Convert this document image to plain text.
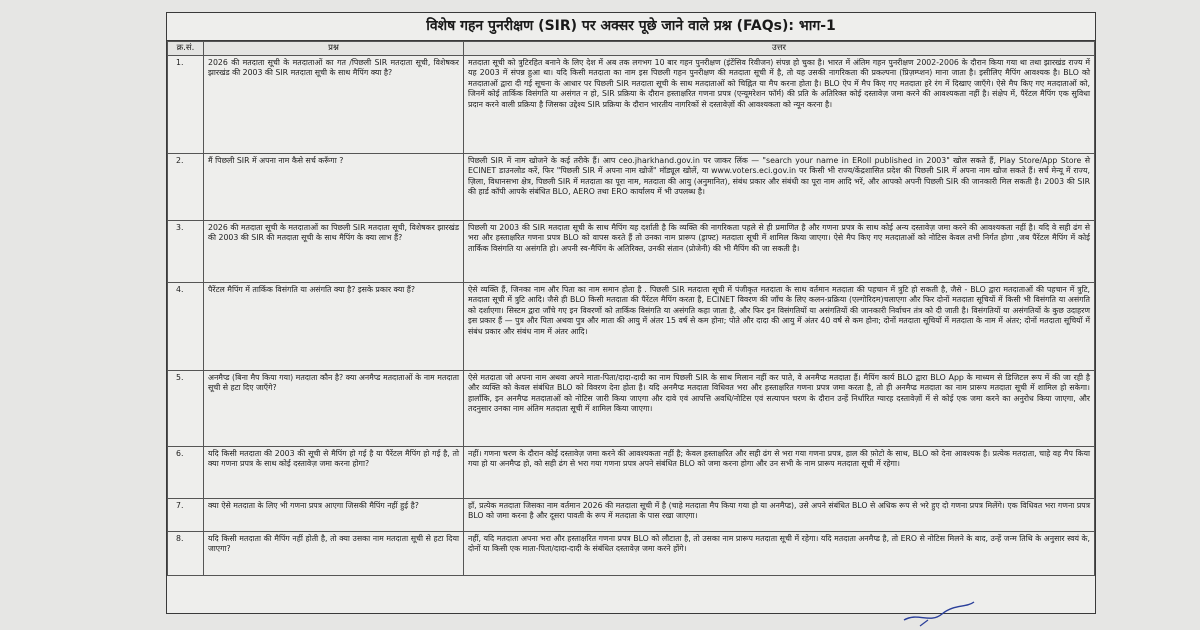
विशेष गहन पुनरीक्षण (SIR) पर अक्सर पूछे जाने वाले प्रश्न (FAQs): भाग-1
क्र.सं.	प्रश्न	उत्तर
1.	2026 की मतदाता सूची के मतदाताओं का गत /पिछली SIR मतदाता सूची, विशेषकर झारखंड की 2003 की SIR मतदाता सूची के साथ मैपिंग क्या है?	मतदाता सूची को त्रुटिरहित बनाने के लिए देश में अब तक लगभग 10 बार गहन पुनरीक्षण (इंटेंसिव रिवीजन) संपन्न हो चुका है। भारत में अंतिम गहन पुनरीक्षण 2002-2006 के दौरान किया गया था तथा झारखंड राज्य में यह 2003 में संपन्न हुआ था। यदि किसी मतदाता का नाम इस पिछली गहन पुनरीक्षण की मतदाता सूची में है, तो यह उसकी नागरिकता की प्रकल्पना (प्रिज़म्प्शन) माना जाता है। इसीलिए मैपिंग आवश्यक है। BLO को मतदाताओं द्वारा दी गई सूचना के आधार पर पिछली SIR मतदाता सूची के साथ मतदाताओं को चिह्नित या मैप करना होता है। BLO ऐप में मैप किए गए मतदाता हरे रंग में दिखाए जाएँगे। ऐसे मैप किए गए मतदाताओं को, जिनमें कोई तार्किक विसंगति या असंगत न हो, SIR प्रक्रिया के दौरान हस्ताक्षरित गणना प्रपत्र (एन्यूमरेशन फॉर्म) की प्रति के अतिरिक्त कोई दस्तावेज़ जमा करने की आवश्यकता नहीं है। संक्षेप में, पैरेंटल मैपिंग एक सुविधा प्रदान करने वाली प्रक्रिया है जिसका उद्देश्य SIR प्रक्रिया के दौरान भारतीय नागरिकों से दस्तावेज़ों की आवश्यकता को न्यून करना है।
2.	मैं पिछली SIR में अपना नाम कैसे सर्च करूँगा ?	पिछली SIR में नाम खोजने के कई तरीके हैं। आप ceo.jharkhand.gov.in पर जाकर लिंक — "search your name in ERoll published in 2003" खोल सकते हैं, Play Store/App Store से ECINET डाउनलोड करें, फिर "पिछली SIR में अपना नाम खोजें" मॉड्यूल खोलें, या www.voters.eci.gov.in पर किसी भी राज्य/केंद्रशासित प्रदेश की पिछली SIR में अपना नाम खोज सकते हैं। सर्च मेन्यू में राज्य, ज़िला, विधानसभा क्षेत्र, पिछली SIR में मतदाता का पूरा नाम, मतदाता की आयु (अनुमानित), संबंध प्रकार और संबंधी का पूरा नाम आदि भरें, और आपको अपनी पिछली SIR की जानकारी मिल सकती है। 2003 की SIR की हार्ड कॉपी आपके संबंधित BLO, AERO तथा ERO कार्यालय में भी उपलब्ध है।
3.	2026 की मतदाता सूची के मतदाताओं का पिछली SIR मतदाता सूची, विशेषकर झारखंड की 2003 की SIR की मतदाता सूची के साथ मैपिंग के क्या लाभ हैं?	पिछली या 2003 की SIR मतदाता सूची के साथ मैपिंग यह दर्शाती है कि व्यक्ति की नागरिकता पहले से ही प्रमाणित है और गणना प्रपत्र के साथ कोई अन्य दस्तावेज़ जमा करने की आवश्यकता नहीं है। यदि वे सही ढंग से भरा और हस्ताक्षरित गणना प्रपत्र BLO को वापस करते हैं तो उनका नाम प्रारूप (ड्राफ्ट) मतदाता सूची में शामिल किया जाएगा। ऐसे मैप किए गए मतदाताओं को नोटिस केवल तभी निर्गत होगा ,जब पैरेंटल मैपिंग में कोई तार्किक विसंगति या असंगति हो। अपनी स्व-मैपिंग के अतिरिक्त, उनकी संतान (प्रोजेनी) की भी मैपिंग की जा सकती है।
4.	पैरेंटल मैपिंग में तार्किक विसंगति या असंगति क्या है? इसके प्रकार क्या हैं?	ऐसे व्यक्ति हैं, जिनका नाम और पिता का नाम समान होता है . पिछली SIR मतदाता सूची में पंजीकृत मतदाता के साथ वर्तमान मतदाता की पहचान में त्रुटि हो सकती है, जैसे - BLO द्वारा मतदाताओं की पहचान में त्रुटि, मतदाता सूची में त्रुटि आदि। जैसे ही BLO किसी मतदाता की पैरेंटल मैपिंग करता है, ECINET विवरण की जाँच के लिए कलन-प्रक्रिया (एल्गोरिदम)चलाएगा और फिर दोनों मतदाता सूचियों में किसी भी विसंगति या असंगति को दर्शाएगा। सिस्टम द्वारा जाँचे गए इन विवरणों को तार्किक विसंगति या असंगति कहा जाता है, और फिर इन विसंगतियों या असंगतियों की जानकारी निर्वाचन तंत्र को दी जाती है। विसंगतियों या असंगतियों के कुछ उदाहरण इस प्रकार हैं — पुत्र और पिता अथवा पुत्र और माता की आयु में अंतर 15 वर्ष से कम होना; पोते और दादा की आयु में अंतर 40 वर्ष से कम होना; दोनों मतदाता सूचियों में मतदाता के नाम में अंतर; दोनों मतदाता सूचियों में संबंध प्रकार और संबंध नाम में अंतर आदि।
5.	अनमैप्ड (बिना मैप किया गया) मतदाता कौन है? क्या अनमैप्ड मतदाताओं के नाम मतदाता सूची से हटा दिए जाएँगे?	ऐसे मतदाता जो अपना नाम अथवा अपने माता-पिता/दादा-दादी का नाम पिछली SIR के साथ मिलान नहीं कर पाते, वे अनमैप्ड मतदाता हैं। मैपिंग कार्य BLO द्वारा BLO App के माध्यम से डिजिटल रूप में की जा रही है और व्यक्ति को केवल संबंधित BLO को विवरण देना होता है। यदि अनमैप्ड मतदाता विधिवत भरा और हस्ताक्षरित गणना प्रपत्र जमा करता है, तो ही अनमैप्ड मतदाता का नाम प्रारूप मतदाता सूची में शामिल हो सकेगा। हालाँकि, इन अनमैप्ड मतदाताओं को नोटिस जारी किया जाएगा और दावे एवं आपत्ति अवधि/नोटिस एवं सत्यापन चरण के दौरान उन्हें निर्धारित ग्यारह दस्तावेज़ों में से कोई एक जमा करने का अनुरोध किया जाएगा, और तदनुसार उनका नाम अंतिम मतदाता सूची में शामिल किया जाएगा।
6.	यदि किसी मतदाता की 2003 की सूची से मैपिंग हो गई है या पैरेंटल मैपिंग हो गई है, तो क्या गणना प्रपत्र के साथ कोई दस्तावेज़ जमा करना होगा?	नहीं। गणना चरण के दौरान कोई दस्तावेज़ जमा करने की आवश्यकता नहीं है; केवल हस्ताक्षरित और सही ढंग से भरा गया गणना प्रपत्र, हाल की फ़ोटो के साथ, BLO को देना आवश्यक है। प्रत्येक मतदाता, चाहे वह मैप किया गया हो या अनमैप्ड हो, को सही ढंग से भरा गया गणना प्रपत्र अपने संबंधित BLO को जमा करना होगा और उन सभी के नाम प्रारूप मतदाता सूची में रहेगा।
7.	क्या ऐसे मतदाता के लिए भी गणना प्रपत्र आएगा जिसकी मैपिंग नहीं हुई है?	हाँ, प्रत्येक मतदाता जिसका नाम वर्तमान 2026 की मतदाता सूची में है (चाहे मतदाता मैप किया गया हो या अनमैप्ड), उसे अपने संबंधित BLO से अधिक रूप से भरे हुए दो गणना प्रपत्र मिलेंगे। एक विधिवत भरा गणना प्रपत्र BLO को जमा करना है और दूसरा पावती के रूप में मतदाता के पास रखा जाएगा।
8.	यदि किसी मतदाता की मैपिंग नहीं होती है, तो क्या उसका नाम मतदाता सूची से हटा दिया जाएगा?	नहीं, यदि मतदाता अपना भरा और हस्ताक्षरित गणना प्रपत्र BLO को लौटाता है, तो उसका नाम प्रारूप मतदाता सूची में रहेगा। यदि मतदाता अनमैप्ड है, तो ERO से नोटिस मिलने के बाद, उन्हें जन्म तिथि के अनुसार स्वयं के, दोनों या किसी एक माता-पिता/दादा-दादी के संबंधित दस्तावेज़ जमा करने होंगे।
